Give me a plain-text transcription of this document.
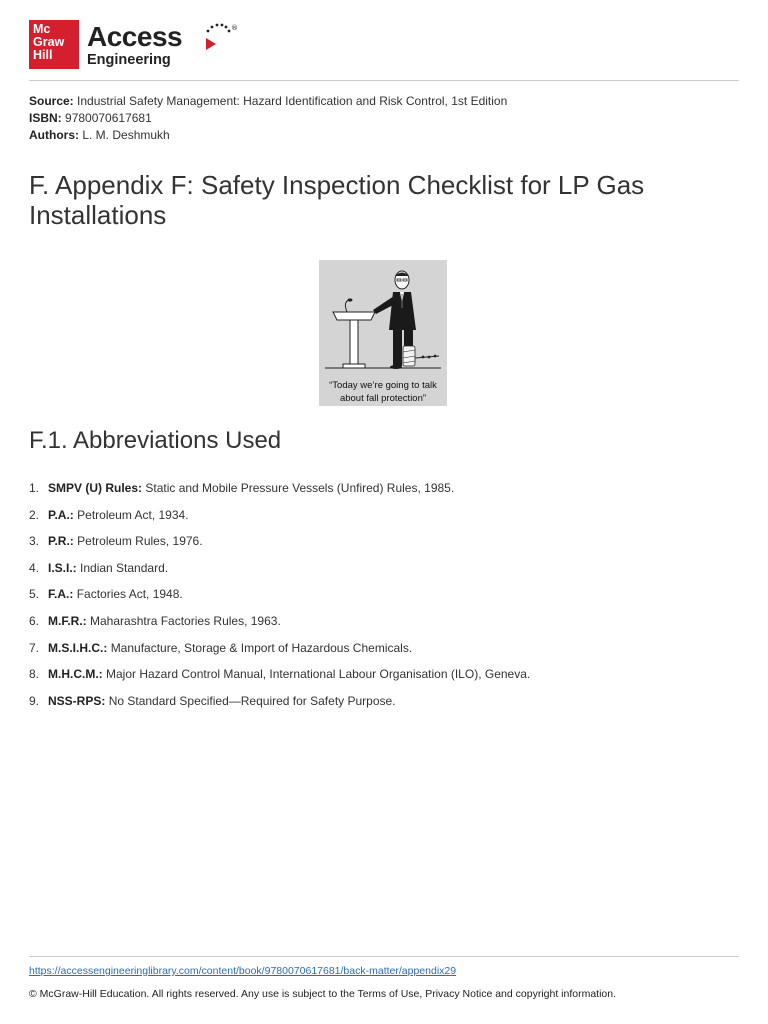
Mc
Graw
Hill
Access	®
Engineering
Source: Industrial Safety Management: Hazard Identification and Risk Control, 1st Edition
ISBN: 9780070617681
Authors: L. M. Deshmukh
F. Appendix F: Safety Inspection Checklist for LP Gas Installations
“Today we’re going to talk
about fall protection”
F.1. Abbreviations Used
1. SMPV (U) Rules: Static and Mobile Pressure Vessels (Unfired) Rules, 1985.
2. P.A.: Petroleum Act, 1934.
3. P.R.: Petroleum Rules, 1976.
4. I.S.I.: Indian Standard.
5. F.A.: Factories Act, 1948.
6. M.F.R.: Maharashtra Factories Rules, 1963.
7. M.S.I.H.C.: Manufacture, Storage & Import of Hazardous Chemicals.
8. M.H.C.M.: Major Hazard Control Manual, International Labour Organisation (ILO), Geneva.
9. NSS-RPS: No Standard Specified—Required for Safety Purpose.
https://accessengineeringlibrary.com/content/book/9780070617681/back-matter/appendix29
© McGraw-Hill Education. All rights reserved. Any use is subject to the Terms of Use, Privacy Notice and copyright information.
